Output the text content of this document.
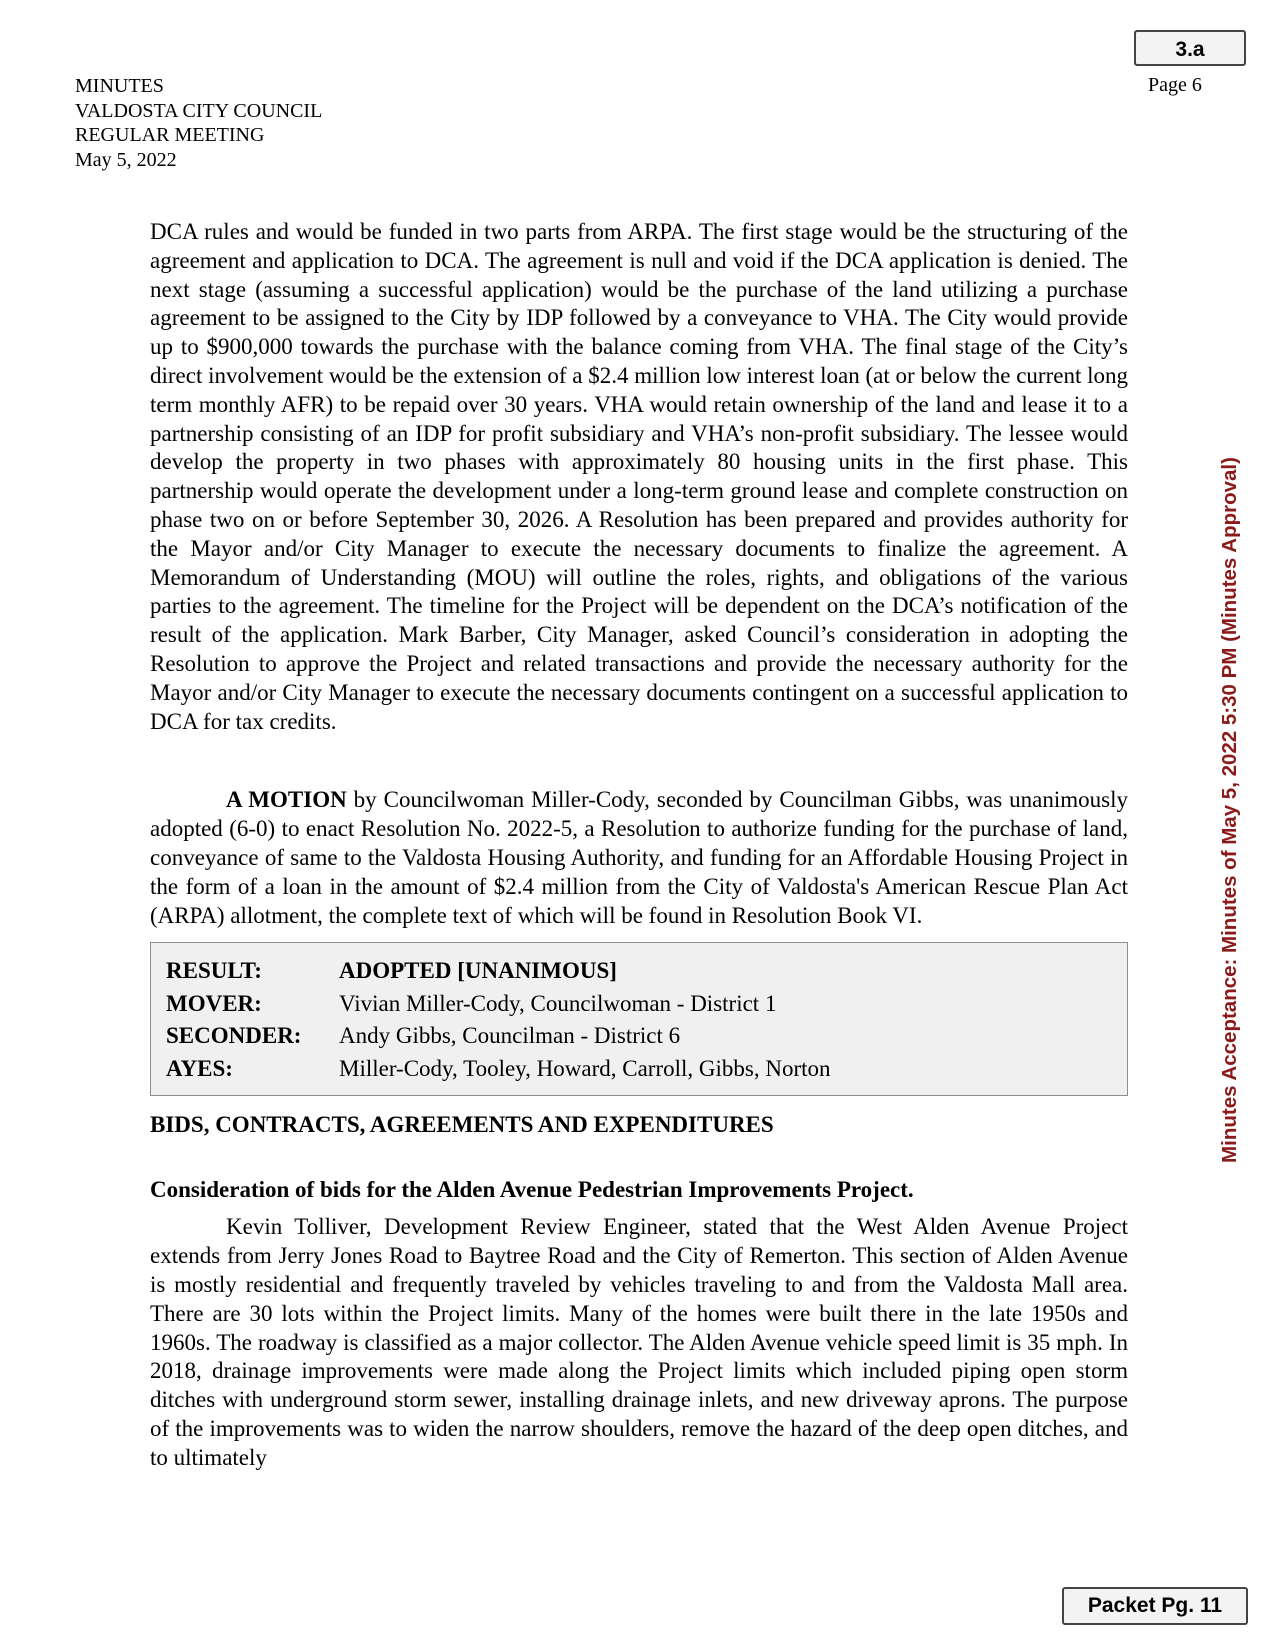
3.a
MINUTES
VALDOSTA CITY COUNCIL
REGULAR MEETING
May 5, 2022
Page 6
Minutes Acceptance: Minutes of May 5, 2022 5:30 PM (Minutes Approval)

DCA rules and would be funded in two parts from ARPA. The first stage would be the structuring of the agreement and application to DCA. The agreement is null and void if the DCA application is denied. The next stage (assuming a successful application) would be the purchase of the land utilizing a purchase agreement to be assigned to the City by IDP followed by a conveyance to VHA. The City would provide up to $900,000 towards the purchase with the balance coming from VHA. The final stage of the City’s direct involvement would be the extension of a $2.4 million low interest loan (at or below the current long term monthly AFR) to be repaid over 30 years. VHA would retain ownership of the land and lease it to a partnership consisting of an IDP for profit subsidiary and VHA’s non-profit subsidiary. The lessee would develop the property in two phases with approximately 80 housing units in the first phase. This partnership would operate the development under a long-term ground lease and complete construction on phase two on or before September 30, 2026. A Resolution has been prepared and provides authority for the Mayor and/or City Manager to execute the necessary documents to finalize the agreement. A Memorandum of Understanding (MOU) will outline the roles, rights, and obligations of the various parties to the agreement. The timeline for the Project will be dependent on the DCA’s notification of the result of the application. Mark Barber, City Manager, asked Council’s consideration in adopting the Resolution to approve the Project and related transactions and provide the necessary authority for the Mayor and/or City Manager to execute the necessary documents contingent on a successful application to DCA for tax credits.

A MOTION by Councilwoman Miller-Cody, seconded by Councilman Gibbs, was unanimously adopted (6-0) to enact Resolution No. 2022-5, a Resolution to authorize funding for the purchase of land, conveyance of same to the Valdosta Housing Authority, and funding for an Affordable Housing Project in the form of a loan in the amount of $2.4 million from the City of Valdosta's American Rescue Plan Act (ARPA) allotment, the complete text of which will be found in Resolution Book VI.

RESULT:	ADOPTED [UNANIMOUS]
MOVER:	Vivian Miller-Cody, Councilwoman - District 1
SECONDER:	Andy Gibbs, Councilman - District 6
AYES:	Miller-Cody, Tooley, Howard, Carroll, Gibbs, Norton
BIDS, CONTRACTS, AGREEMENTS AND EXPENDITURES
Consideration of bids for the Alden Avenue Pedestrian Improvements Project.

Kevin Tolliver, Development Review Engineer, stated that the West Alden Avenue Project extends from Jerry Jones Road to Baytree Road and the City of Remerton. This section of Alden Avenue is mostly residential and frequently traveled by vehicles traveling to and from the Valdosta Mall area. There are 30 lots within the Project limits. Many of the homes were built there in the late 1950s and 1960s. The roadway is classified as a major collector. The Alden Avenue vehicle speed limit is 35 mph. In 2018, drainage improvements were made along the Project limits which included piping open storm ditches with underground storm sewer, installing drainage inlets, and new driveway aprons. The purpose of the improvements was to widen the narrow shoulders, remove the hazard of the deep open ditches, and to ultimately

Packet Pg. 11
